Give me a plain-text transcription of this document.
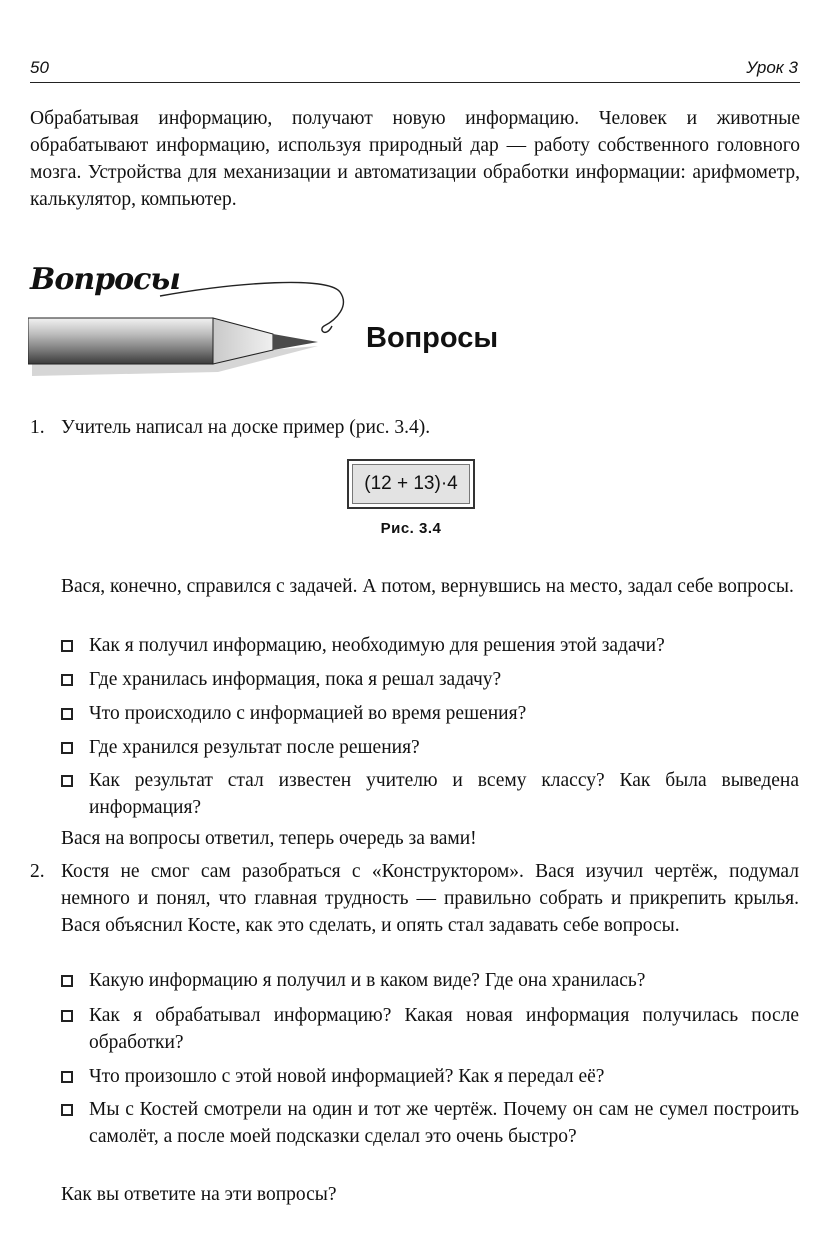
50	Урок 3

Обрабатывая информацию, получают новую информацию. Человек и животные обрабатывают информацию, используя природный дар — работу собственного головного мозга. Устройства для механизации и автоматизации обработки информации: арифмометр, калькулятор, компьютер.

Вопросы
Вопросы
1. Учитель написал на доске пример (рис. 3.4).
(12 + 13)·4
Рис. 3.4

Вася, конечно, справился с задачей. А потом, вернувшись на место, задал себе вопросы.

Как я получил информацию, необходимую для решения этой задачи?
Где хранилась информация, пока я решал задачу?
Что происходило с информацией во время решения?
Где хранился результат после решения?
Как результат стал известен учителю и всему классу? Как была выведена информация?

Вася на вопросы ответил, теперь очередь за вами!

2. Костя не смог сам разобраться с «Конструктором». Вася изучил чертёж, подумал немного и понял, что главная трудность — правильно собрать и прикрепить крылья. Вася объяснил Косте, как это сделать, и опять стал задавать себе вопросы.

Какую информацию я получил и в каком виде? Где она хранилась?
Как я обрабатывал информацию? Какая новая информация получилась после обработки?
Что произошло с этой новой информацией? Как я передал её?
Мы с Костей смотрели на один и тот же чертёж. Почему он сам не сумел построить самолёт, а после моей подсказки сделал это очень быстро?

Как вы ответите на эти вопросы?
